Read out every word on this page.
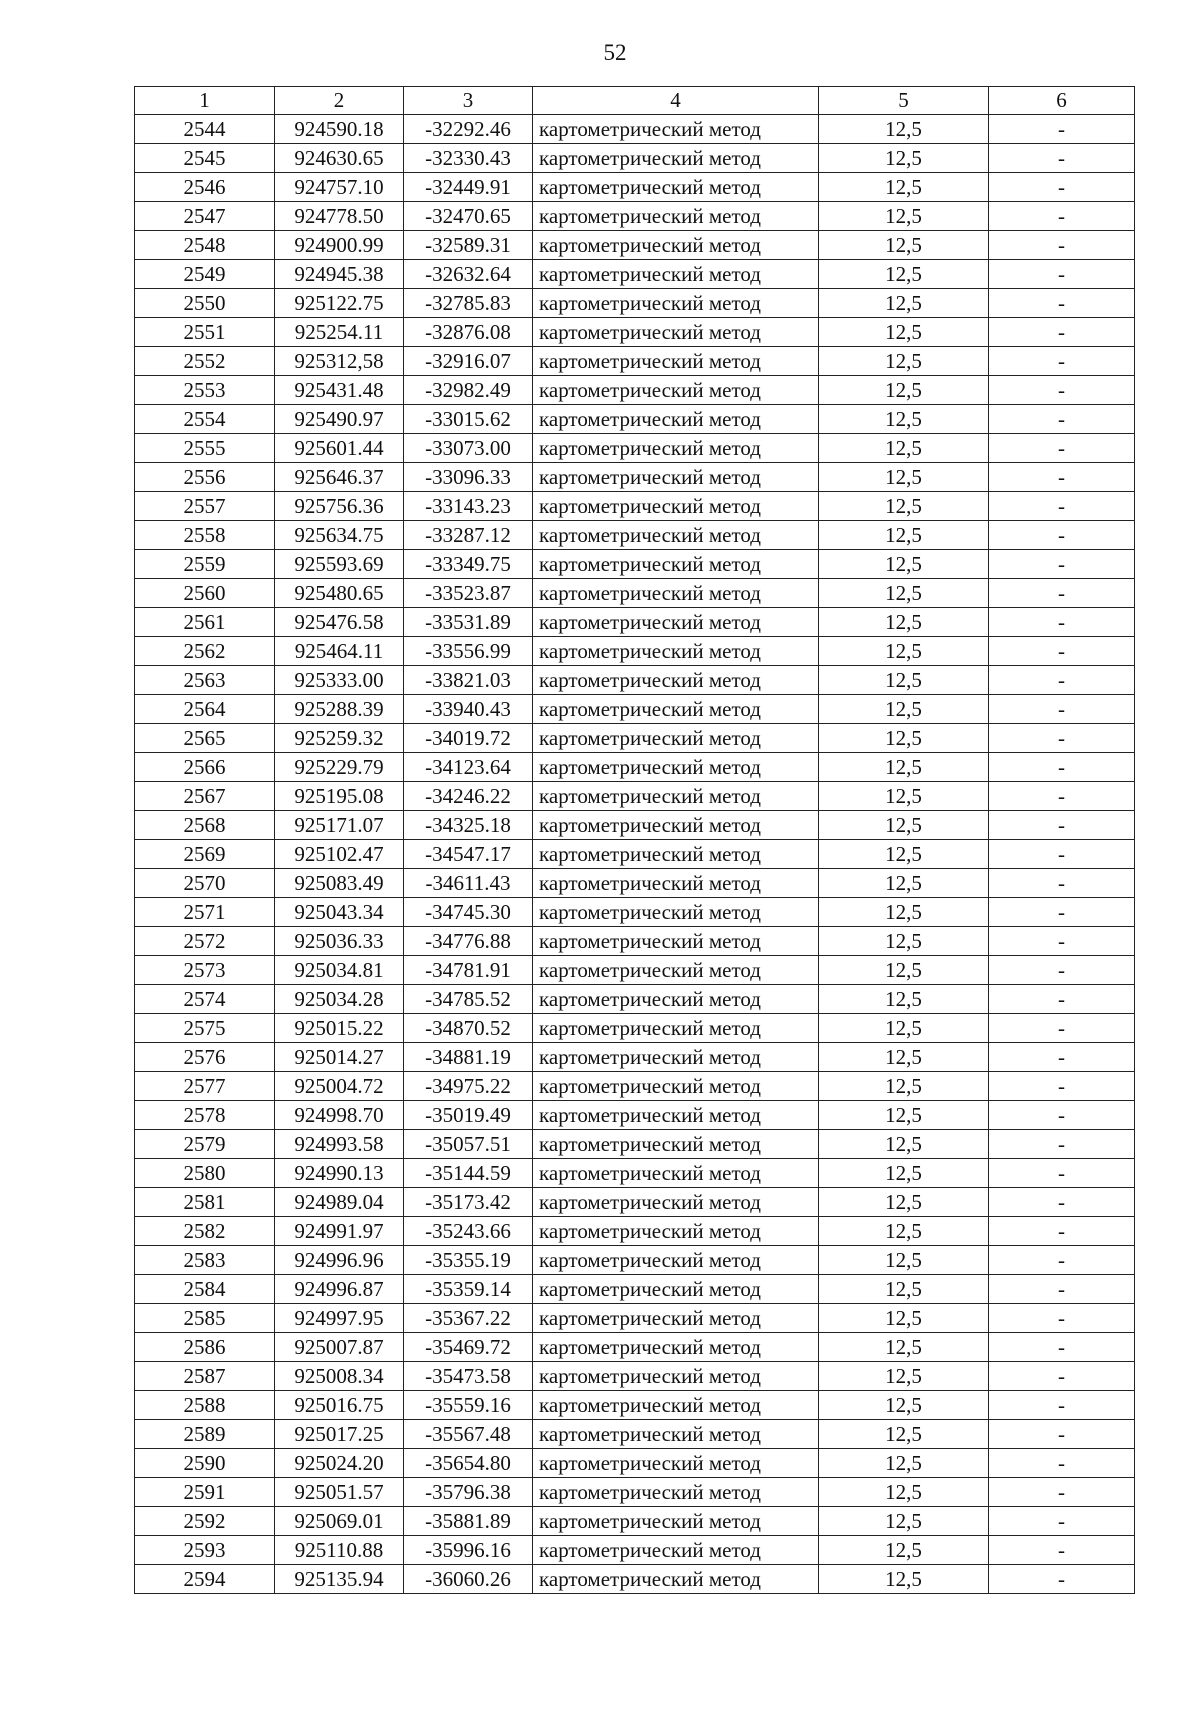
52
1	2	3	4	5	6
2544	924590.18	-32292.46	картометрический метод	12,5	-
2545	924630.65	-32330.43	картометрический метод	12,5	-
2546	924757.10	-32449.91	картометрический метод	12,5	-
2547	924778.50	-32470.65	картометрический метод	12,5	-
2548	924900.99	-32589.31	картометрический метод	12,5	-
2549	924945.38	-32632.64	картометрический метод	12,5	-
2550	925122.75	-32785.83	картометрический метод	12,5	-
2551	925254.11	-32876.08	картометрический метод	12,5	-
2552	925312,58	-32916.07	картометрический метод	12,5	-
2553	925431.48	-32982.49	картометрический метод	12,5	-
2554	925490.97	-33015.62	картометрический метод	12,5	-
2555	925601.44	-33073.00	картометрический метод	12,5	-
2556	925646.37	-33096.33	картометрический метод	12,5	-
2557	925756.36	-33143.23	картометрический метод	12,5	-
2558	925634.75	-33287.12	картометрический метод	12,5	-
2559	925593.69	-33349.75	картометрический метод	12,5	-
2560	925480.65	-33523.87	картометрический метод	12,5	-
2561	925476.58	-33531.89	картометрический метод	12,5	-
2562	925464.11	-33556.99	картометрический метод	12,5	-
2563	925333.00	-33821.03	картометрический метод	12,5	-
2564	925288.39	-33940.43	картометрический метод	12,5	-
2565	925259.32	-34019.72	картометрический метод	12,5	-
2566	925229.79	-34123.64	картометрический метод	12,5	-
2567	925195.08	-34246.22	картометрический метод	12,5	-
2568	925171.07	-34325.18	картометрический метод	12,5	-
2569	925102.47	-34547.17	картометрический метод	12,5	-
2570	925083.49	-34611.43	картометрический метод	12,5	-
2571	925043.34	-34745.30	картометрический метод	12,5	-
2572	925036.33	-34776.88	картометрический метод	12,5	-
2573	925034.81	-34781.91	картометрический метод	12,5	-
2574	925034.28	-34785.52	картометрический метод	12,5	-
2575	925015.22	-34870.52	картометрический метод	12,5	-
2576	925014.27	-34881.19	картометрический метод	12,5	-
2577	925004.72	-34975.22	картометрический метод	12,5	-
2578	924998.70	-35019.49	картометрический метод	12,5	-
2579	924993.58	-35057.51	картометрический метод	12,5	-
2580	924990.13	-35144.59	картометрический метод	12,5	-
2581	924989.04	-35173.42	картометрический метод	12,5	-
2582	924991.97	-35243.66	картометрический метод	12,5	-
2583	924996.96	-35355.19	картометрический метод	12,5	-
2584	924996.87	-35359.14	картометрический метод	12,5	-
2585	924997.95	-35367.22	картометрический метод	12,5	-
2586	925007.87	-35469.72	картометрический метод	12,5	-
2587	925008.34	-35473.58	картометрический метод	12,5	-
2588	925016.75	-35559.16	картометрический метод	12,5	-
2589	925017.25	-35567.48	картометрический метод	12,5	-
2590	925024.20	-35654.80	картометрический метод	12,5	-
2591	925051.57	-35796.38	картометрический метод	12,5	-
2592	925069.01	-35881.89	картометрический метод	12,5	-
2593	925110.88	-35996.16	картометрический метод	12,5	-
2594	925135.94	-36060.26	картометрический метод	12,5	-
